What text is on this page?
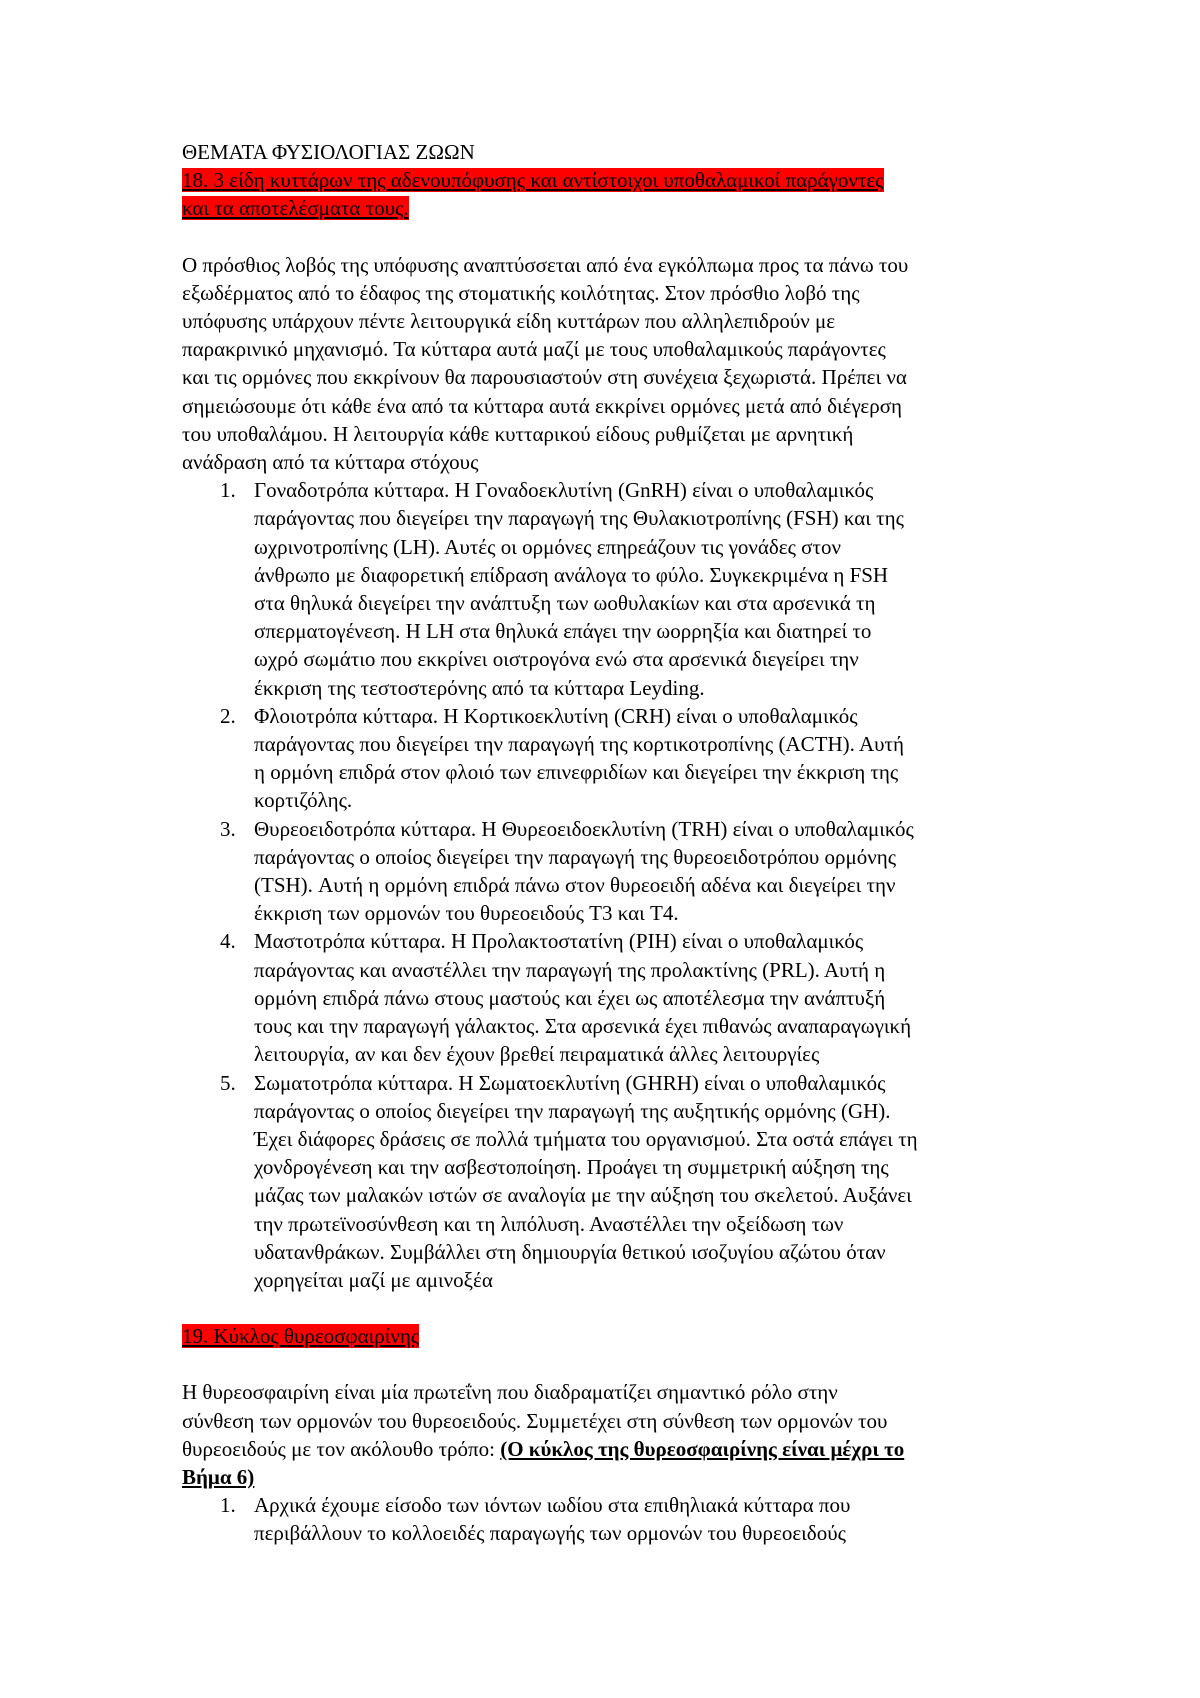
ΘΕΜΑΤΑ ΦΥΣΙΟΛΟΓΙΑΣ ΖΩΩΝ
18. 3 είδη κυττάρων της αδενουπόφυσης και αντίστοιχοι υποθαλαμικοί παράγοντες
και τα αποτελέσματα τους.
Ο πρόσθιος λοβός της υπόφυσης αναπτύσσεται από ένα εγκόλπωμα προς τα πάνω του
εξωδέρματος από το έδαφος της στοματικής κοιλότητας. Στον πρόσθιο λοβό της
υπόφυσης υπάρχουν πέντε λειτουργικά είδη κυττάρων που αλληλεπιδρούν με
παρακρινικό μηχανισμό. Τα κύτταρα αυτά μαζί με τους υποθαλαμικούς παράγοντες
και τις ορμόνες που εκκρίνουν θα παρουσιαστούν στη συνέχεια ξεχωριστά. Πρέπει να
σημειώσουμε ότι κάθε ένα από τα κύτταρα αυτά εκκρίνει ορμόνες μετά από διέγερση
του υποθαλάμου. Η λειτουργία κάθε κυτταρικού είδους ρυθμίζεται με αρνητική
ανάδραση από τα κύτταρα στόχους
1. Γοναδοτρόπα κύτταρα. Η Γοναδοεκλυτίνη (GnRH) είναι ο υποθαλαμικός
παράγοντας που διεγείρει την παραγωγή της Θυλακιοτροπίνης (FSH) και της
ωχρινοτροπίνης (LH). Αυτές οι ορμόνες επηρεάζουν τις γονάδες στον
άνθρωπο με διαφορετική επίδραση ανάλογα το φύλο. Συγκεκριμένα η FSH
στα θηλυκά διεγείρει την ανάπτυξη των ωοθυλακίων και στα αρσενικά τη
σπερματογένεση. Η LH στα θηλυκά επάγει την ωορρηξία και διατηρεί το
ωχρό σωμάτιο που εκκρίνει οιστρογόνα ενώ στα αρσενικά διεγείρει την
έκκριση της τεστοστερόνης από τα κύτταρα Leyding.
2. Φλοιοτρόπα κύτταρα. Η Κορτικοεκλυτίνη (CRH) είναι ο υποθαλαμικός
παράγοντας που διεγείρει την παραγωγή της κορτικοτροπίνης (ACTH). Αυτή
η ορμόνη επιδρά στον φλοιό των επινεφριδίων και διεγείρει την έκκριση της
κορτιζόλης.
3. Θυρεοειδοτρόπα κύτταρα. Η Θυρεοειδοεκλυτίνη (TRH) είναι ο υποθαλαμικός
παράγοντας ο οποίος διεγείρει την παραγωγή της θυρεοειδοτρόπου ορμόνης
(TSH). Αυτή η ορμόνη επιδρά πάνω στον θυρεοειδή αδένα και διεγείρει την
έκκριση των ορμονών του θυρεοειδούς T3 και T4.
4. Μαστοτρόπα κύτταρα. Η Προλακτοστατίνη (PIH) είναι ο υποθαλαμικός
παράγοντας και αναστέλλει την παραγωγή της προλακτίνης (PRL). Αυτή η
ορμόνη επιδρά πάνω στους μαστούς και έχει ως αποτέλεσμα την ανάπτυξή
τους και την παραγωγή γάλακτος. Στα αρσενικά έχει πιθανώς αναπαραγωγική
λειτουργία, αν και δεν έχουν βρεθεί πειραματικά άλλες λειτουργίες
5. Σωματοτρόπα κύτταρα. Η Σωματοεκλυτίνη (GHRH) είναι ο υποθαλαμικός
παράγοντας ο οποίος διεγείρει την παραγωγή της αυξητικής ορμόνης (GH).
Έχει διάφορες δράσεις σε πολλά τμήματα του οργανισμού. Στα οστά επάγει τη
χονδρογένεση και την ασβεστοποίηση. Προάγει τη συμμετρική αύξηση της
μάζας των μαλακών ιστών σε αναλογία με την αύξηση του σκελετού. Αυξάνει
την πρωτεϊνοσύνθεση και τη λιπόλυση. Αναστέλλει την οξείδωση των
υδατανθράκων. Συμβάλλει στη δημιουργία θετικού ισοζυγίου αζώτου όταν
χορηγείται μαζί με αμινοξέα
19. Κύκλος θυρεοσφαιρίνης
Η θυρεοσφαιρίνη είναι μία πρωτεΐνη που διαδραματίζει σημαντικό ρόλο στην
σύνθεση των ορμονών του θυρεοειδούς. Συμμετέχει στη σύνθεση των ορμονών του
θυρεοειδούς με τον ακόλουθο τρόπο: (Ο κύκλος της θυρεοσφαιρίνης είναι μέχρι το
Βήμα 6)
1. Αρχικά έχουμε είσοδο των ιόντων ιωδίου στα επιθηλιακά κύτταρα που
περιβάλλουν το κολλοειδές παραγωγής των ορμονών του θυρεοειδούς
